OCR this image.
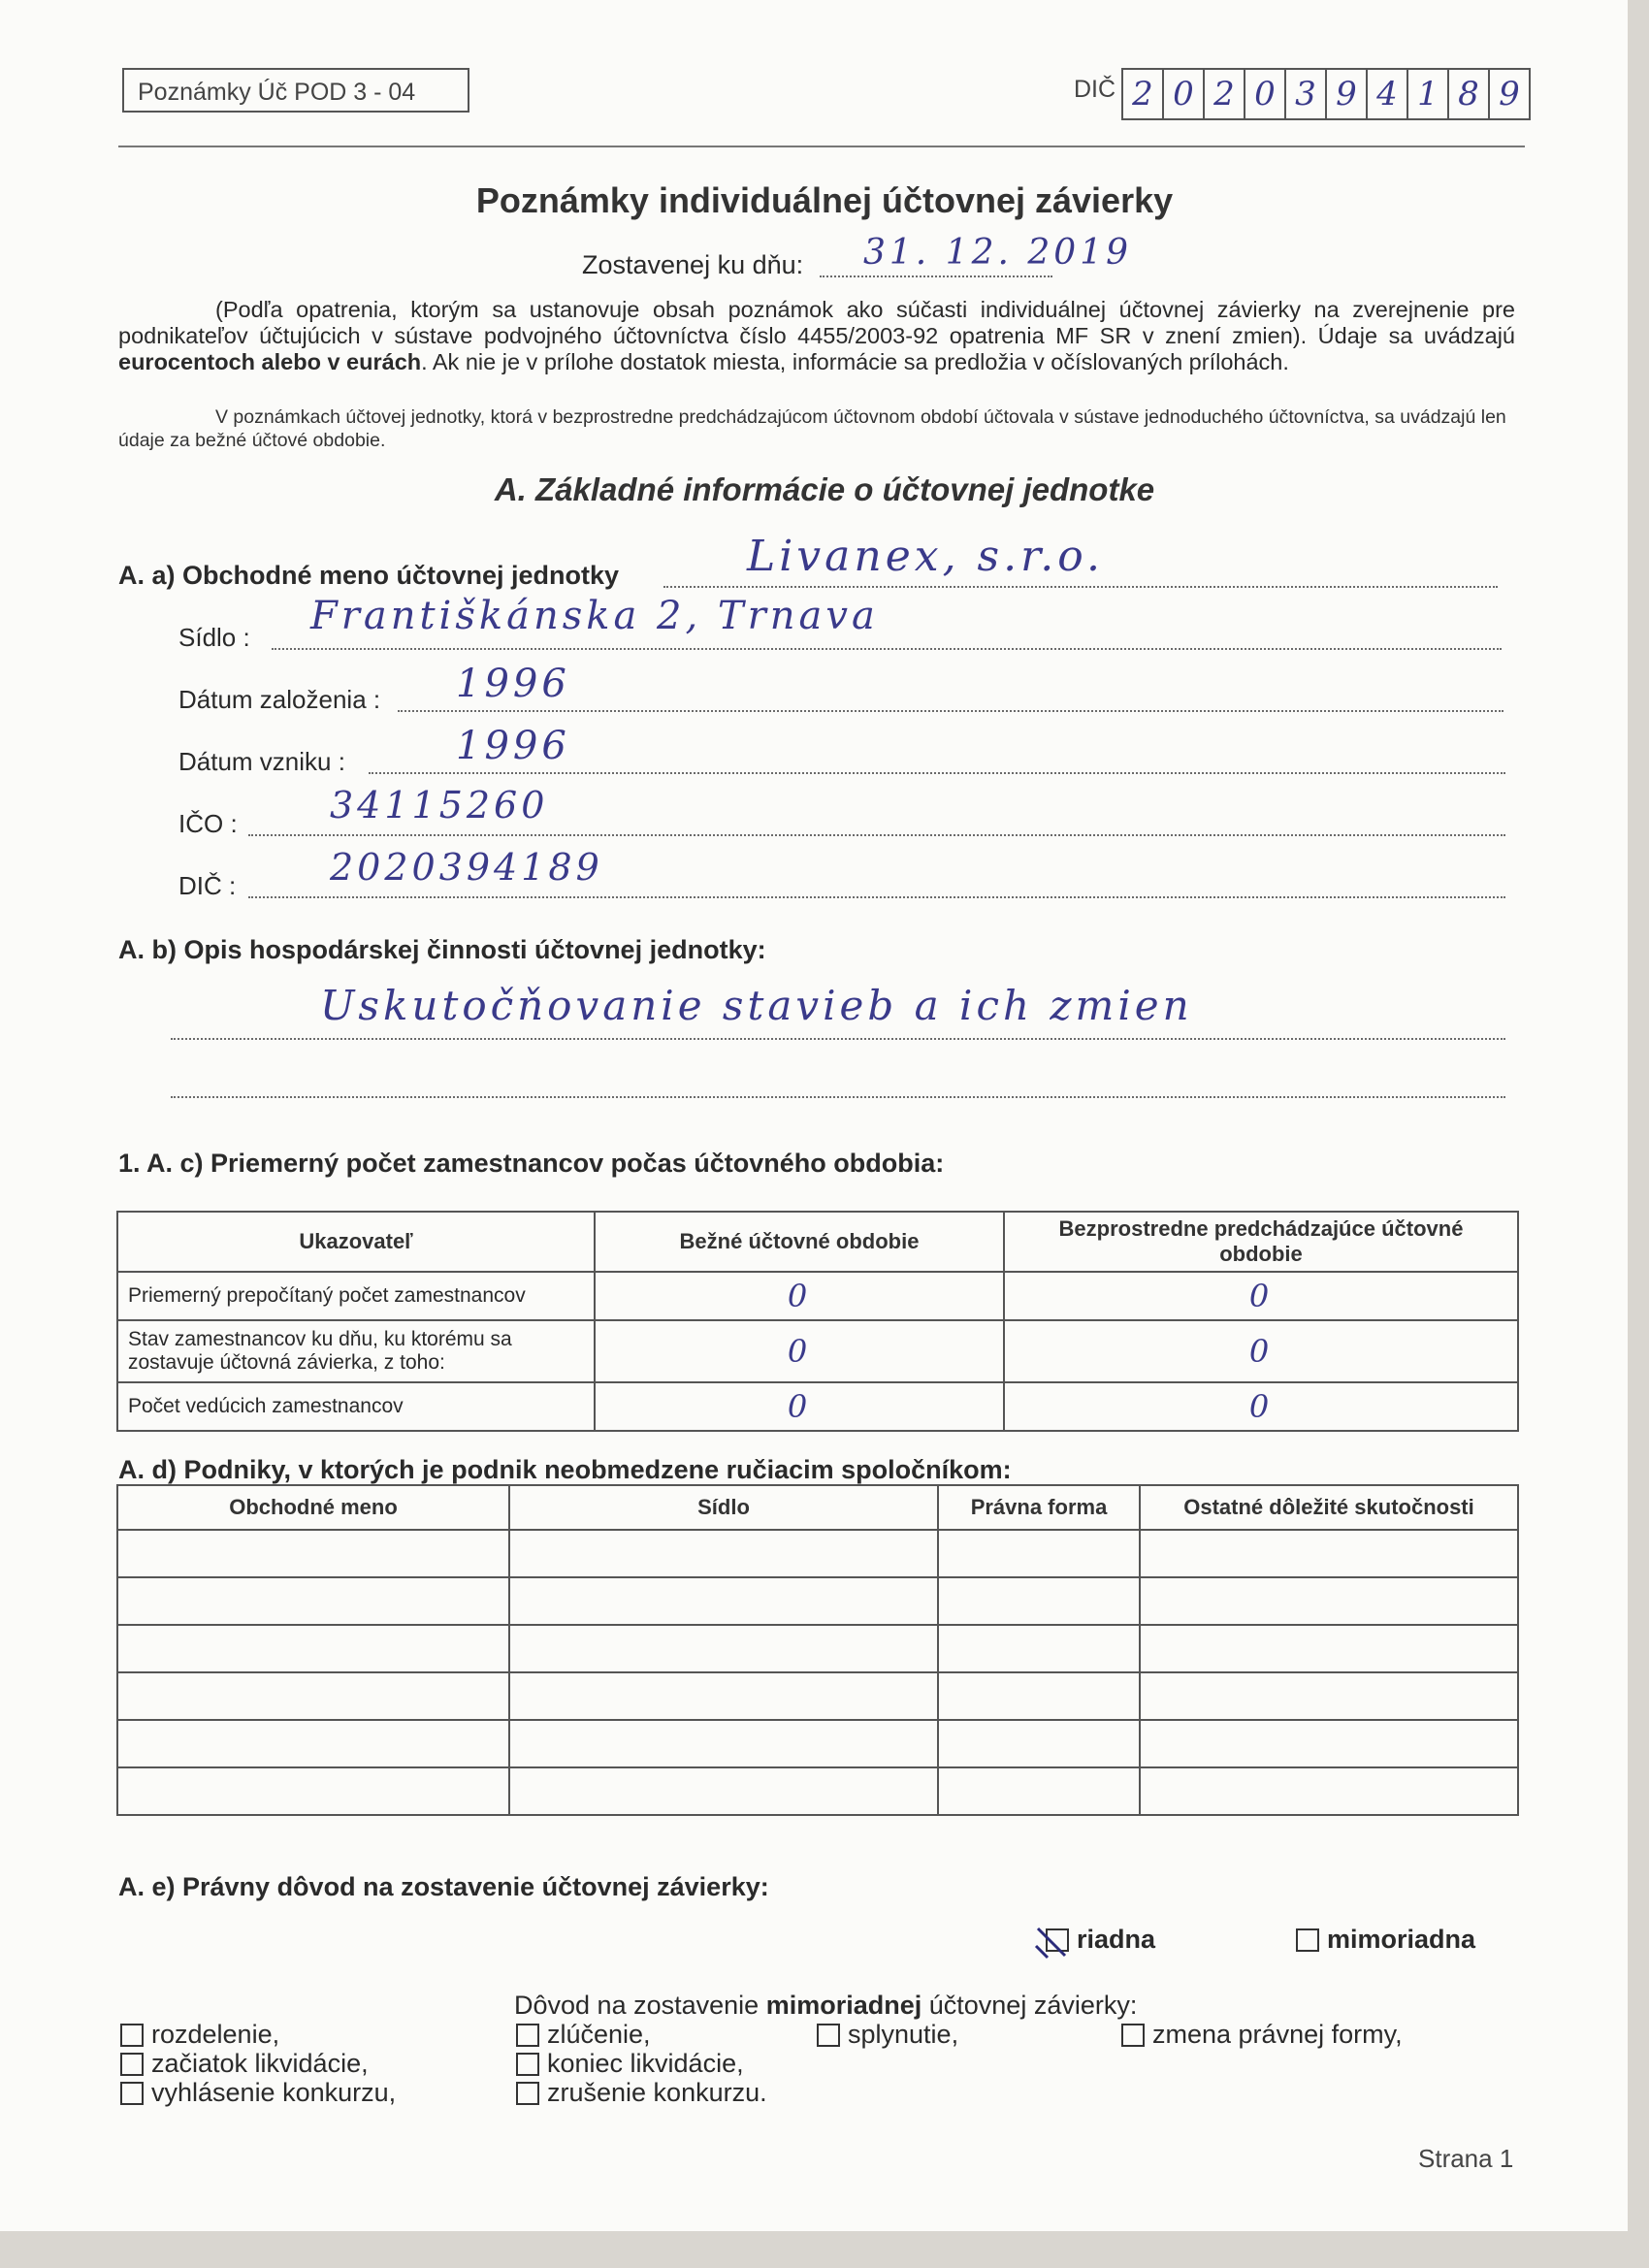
Poznámky Úč POD 3 - 04	DIČ 2 0 2 0 3 9 4 1 8 9
Poznámky individuálnej účtovnej závierky
Zostavenej ku dňu: 31. 12. 2019
(Podľa opatrenia, ktorým sa ustanovuje obsah poznámok ako súčasti individuálnej účtovnej závierky na zverejnenie pre podnikateľov účtujúcich v sústave podvojného účtovníctva číslo 4455/2003-92 opatrenia MF SR v znení zmien). Údaje sa uvádzajú eurocentoch alebo v eurách. Ak nie je v prílohe dostatok miesta, informácie sa predložia v očíslovaných prílohách.
V poznámkach účtovej jednotky, ktorá v bezprostredne predchádzajúcom účtovnom období účtovala v sústave jednoduchého účtovníctva, sa uvádzajú len údaje za bežné účtové obdobie.
A. Základné informácie o účtovnej jednotke
A. a) Obchodné meno účtovnej jednotky	Livanex, s.r.o.
Sídlo : Františkánska 2, Trnava
Dátum založenia : 1996
Dátum vzniku :	1996
IČO :	34115260
DIČ :	2020394189
A. b) Opis hospodárskej činnosti účtovnej jednotky:
Uskutočňovanie stavieb a ich zmien
1. A. c) Priemerný počet zamestnancov počas účtovného obdobia:
Ukazovateľ	Bežné účtovné obdobie	Bezprostredne predchádzajúce účtovné obdobie
Priemerný prepočítaný počet zamestnancov	0	0
Stav zamestnancov ku dňu, ku ktorému sa zostavuje účtovná závierka, z toho:	0	0
Počet vedúcich zamestnancov	0	0
A. d) Podniky, v ktorých je podnik neobmedzene ručiacim spoločníkom:
Obchodné meno	Sídlo	Právna forma	Ostatné dôležité skutočnosti

A. e) Právny dôvod na zostavenie účtovnej závierky:
riadna	mimoriadna
Dôvod na zostavenie mimoriadnej účtovnej závierky:
rozdelenie,
začiatok likvidácie,
vyhlásenie konkurzu,
zlúčenie,
koniec likvidácie,
zrušenie konkurzu.
splynutie,	zmena právnej formy,
Strana 1
